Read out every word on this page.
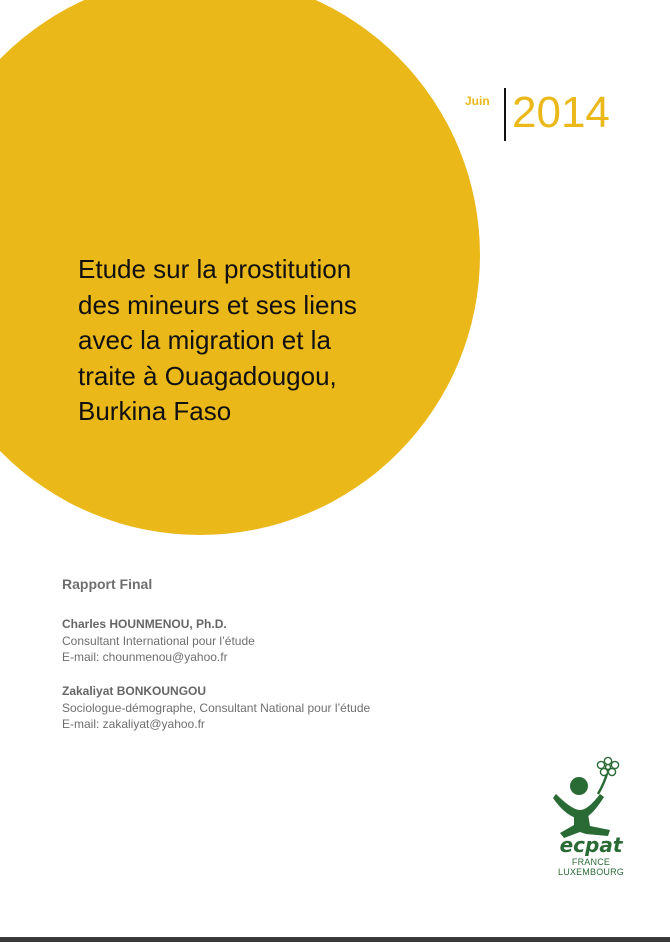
Juin 2014
Etude sur la prostitution
des mineurs et ses liens
avec la migration et la
traite à Ouagadougou,
Burkina Faso
Rapport Final
Charles HOUNMENOU, Ph.D.
Consultant International pour l’étude
E-mail: chounmenou@yahoo.fr
Zakaliyat BONKOUNGOU
Sociologue-démographe, Consultant National pour l’étude
E-mail: zakaliyat@yahoo.fr
ecpat
FRANCE
LUXEMBOURG
